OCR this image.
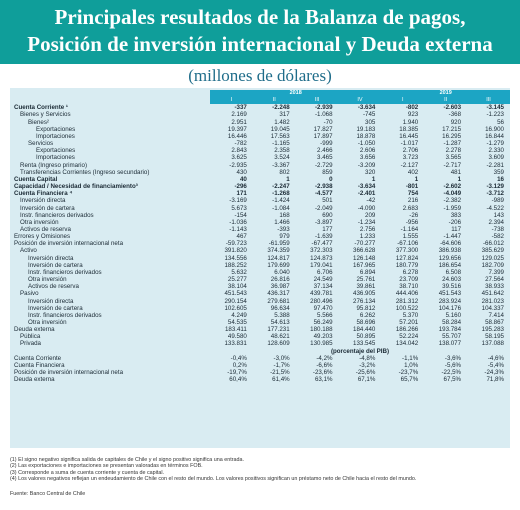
Principales resultados de la Balanza de pagos,
Posición de inversión internacional y Deuda externa
(millones de dólares)
	2018				2019		
	I	II	III	IV	I	II	III
Cuenta Corriente ¹	-337	-2.248	-2.939	-3.634	-802	-2.603	-3.145
Bienes y Servicios	2.169	317	-1.068	-745	923	-368	-1.223
Bienes²	2.951	1.482	-70	305	1.940	920	56
Exportaciones	19.397	19.045	17.827	19.183	18.385	17.215	16.900
Importaciones	16.446	17.563	17.897	18.878	16.445	16.295	16.844
Servicios	-782	-1.165	-999	-1.050	-1.017	-1.287	-1.279
Exportaciones	2.843	2.358	2.466	2.606	2.706	2.278	2.330
Importaciones	3.625	3.524	3.465	3.656	3.723	3.565	3.609
Renta (Ingreso primario)	-2.935	-3.367	-2.729	-3.209	-2.127	-2.717	-2.281
Transferencias Corrientes (Ingreso secundario)	430	802	859	320	402	481	359
Cuenta Capital	40	1	0	1	1	1	16
Capacidad / Necesidad de financiamiento³	-296	-2.247	-2.938	-3.634	-801	-2.602	-3.129
Cuenta Financiera ⁴	171	-1.268	-4.577	-2.401	754	-4.049	-3.712
Inversión directa	-3.169	-1.424	501	-42	216	-2.382	-989
Inversión de cartera	5.673	-1.084	-2.049	-4.090	2.683	-1.959	-4.522
Instr. financieros derivados	-154	168	690	209	-26	383	143
Otra inversión	-1.036	1.466	-3.897	-1.234	-956	-206	2.394
Activos de reserva	-1.143	-393	177	2.756	-1.164	117	-738
Errores y Omisiones	467	979	-1.639	1.233	1.555	-1.447	-582
Posición de inversión internacional neta	-59.723	-61.959	-67.477	-70.277	-67.106	-64.606	-66.012
Activo	391.820	374.359	372.303	366.628	377.300	386.938	385.629
Inversión directa	134.556	124.817	124.873	126.148	127.824	129.656	129.025
Inversión de cartera	188.252	179.699	179.041	167.965	180.779	186.654	182.709
Instr. financieros derivados	5.632	6.040	6.706	6.894	6.278	6.508	7.399
Otra inversión	25.277	26.816	24.549	25.761	23.709	24.603	27.564
Activos de reserva	38.104	36.987	37.134	39.861	38.710	39.516	38.933
Pasivo	451.543	436.317	439.781	436.905	444.406	451.543	451.642
Inversión directa	290.154	279.681	280.496	276.134	281.312	283.924	281.023
Inversión de cartera	102.605	96.634	97.470	95.812	100.522	104.176	104.337
Instr. financieros derivados	4.249	5.388	5.566	6.262	5.370	5.160	7.414
Otra inversión	54.535	54.613	56.249	58.696	57.201	58.284	58.867
Deuda externa	183.411	177.231	180.188	184.440	186.266	193.784	195.283
Pública	49.580	48.621	49.203	50.895	52.224	55.707	58.195
Privada	133.831	128.609	130.985	133.545	134.042	138.077	137.088
	(porcentaje del PIB)						
Cuenta Corriente	-0,4%	-3,0%	-4,2%	-4,8%	-1,1%	-3,6%	-4,6%
Cuenta Financiera	0,2%	-1,7%	-6,6%	-3,2%	1,0%	-5,6%	-5,4%
Posición de inversión internacional neta	-19,7%	-21,5%	-23,6%	-25,6%	-23,7%	-22,5%	-24,3%
Deuda externa	60,4%	61,4%	63,1%	67,1%	65,7%	67,5%	71,8%
(1) El signo negativo significa salida de capitales de Chile y el signo positivo significa una entrada.
(2) Las exportaciones e importaciones se presentan valoradas en términos FOB.
(3) Corresponde a suma de cuenta corriente y cuenta de capital.
(4) Los valores negativos reflejan un endeudamiento de Chile con el resto del mundo. Los valores positivos significan un préstamo neto de Chile hacia el resto del mundo.
Fuente: Banco Central de Chile
